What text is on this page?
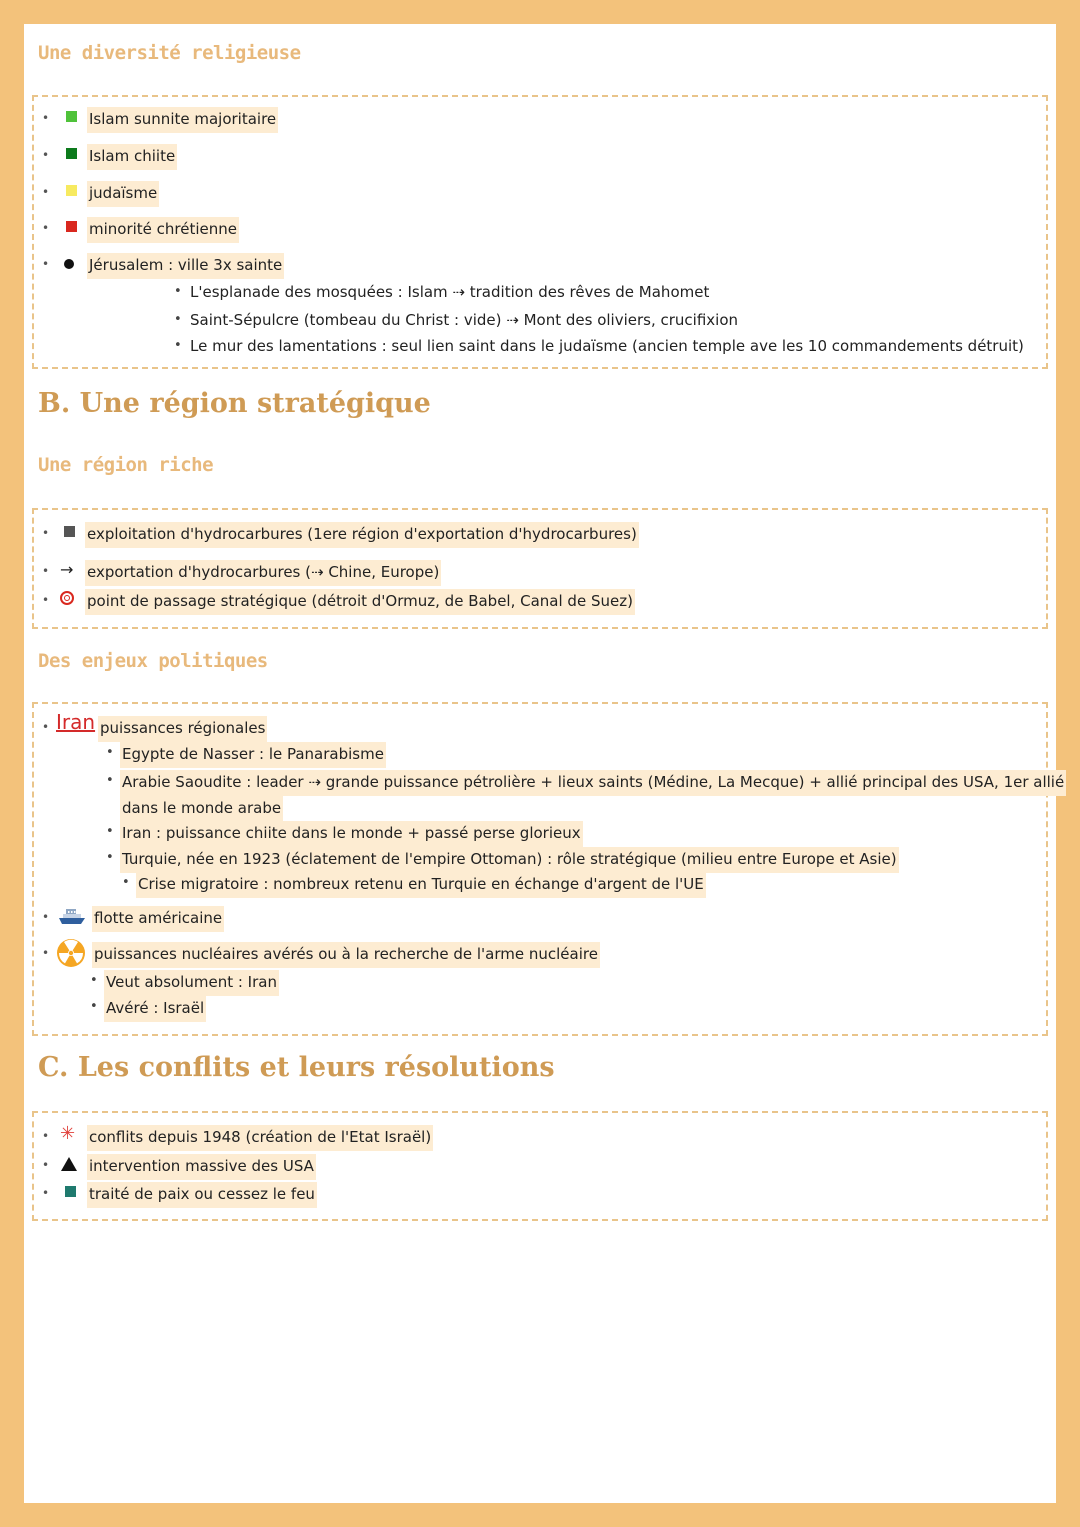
Une diversité religieuse
•	Islam sunnite majoritaire
•	Islam chiite
•	judaïsme
•	minorité chrétienne
•	Jérusalem : ville 3x sainte
• L'esplanade des mosquées : Islam ⇢ tradition des rêves de Mahomet
• Saint-Sépulcre (tombeau du Christ : vide) ⇢ Mont des oliviers, crucifixion
• Le mur des lamentations : seul lien saint dans le judaïsme (ancien temple ave les 10 commandements détruit)
B. Une région stratégique
Une région riche
•	exploitation d'hydrocarbures (1ere région d'exportation d'hydrocarbures)
• → exportation d'hydrocarbures (⇢ Chine, Europe)
•	point de passage stratégique (détroit d'Ormuz, de Babel, Canal de Suez)
Des enjeux politiques
• Iran puissances régionales
• Egypte de Nasser : le Panarabisme
• Arabie Saoudite : leader ⇢ grande puissance pétrolière + lieux saints (Médine, La Mecque) + allié principal des USA, 1er allié
dans le monde arabe
• Iran : puissance chiite dans le monde + passé perse glorieux
• Turquie, née en 1923 (éclatement de l'empire Ottoman) : rôle stratégique (milieu entre Europe et Asie)
• Crise migratoire : nombreux retenu en Turquie en échange d'argent de l'UE
•	flotte américaine
•	puissances nucléaires avérés ou à la recherche de l'arme nucléaire
• Veut absolument : Iran
• Avéré : Israël
C. Les conflits et leurs résolutions
• ✳ conflits depuis 1948 (création de l'Etat Israël)
•	intervention massive des USA
•	traité de paix ou cessez le feu
